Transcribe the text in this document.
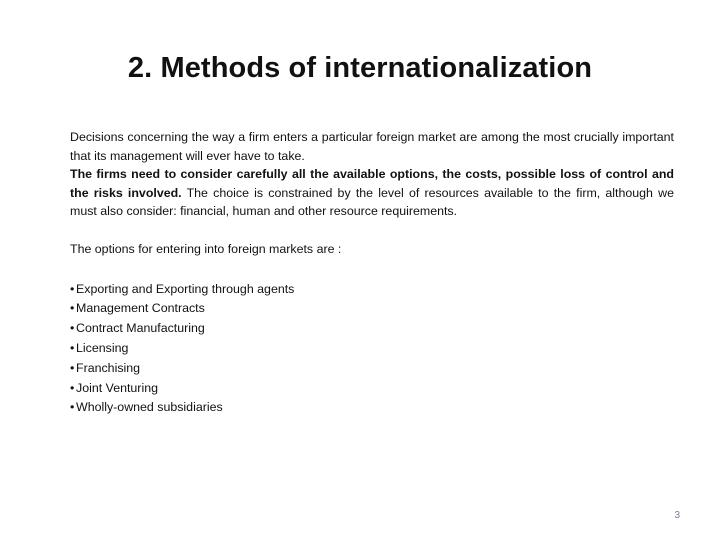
2. Methods of internationalization

Decisions concerning the way a firm enters a particular foreign market are among the most crucially important that its management will ever have to take.

The firms need to consider carefully all the available options, the costs, possible loss of control and the risks involved. The choice is constrained by the level of resources available to the firm, although we must also consider: financial, human and other resource requirements.

The options for entering into foreign markets are :

• Exporting and Exporting through agents
• Management Contracts
• Contract Manufacturing
• Licensing
• Franchising
• Joint Venturing
• Wholly-owned subsidiaries
3
